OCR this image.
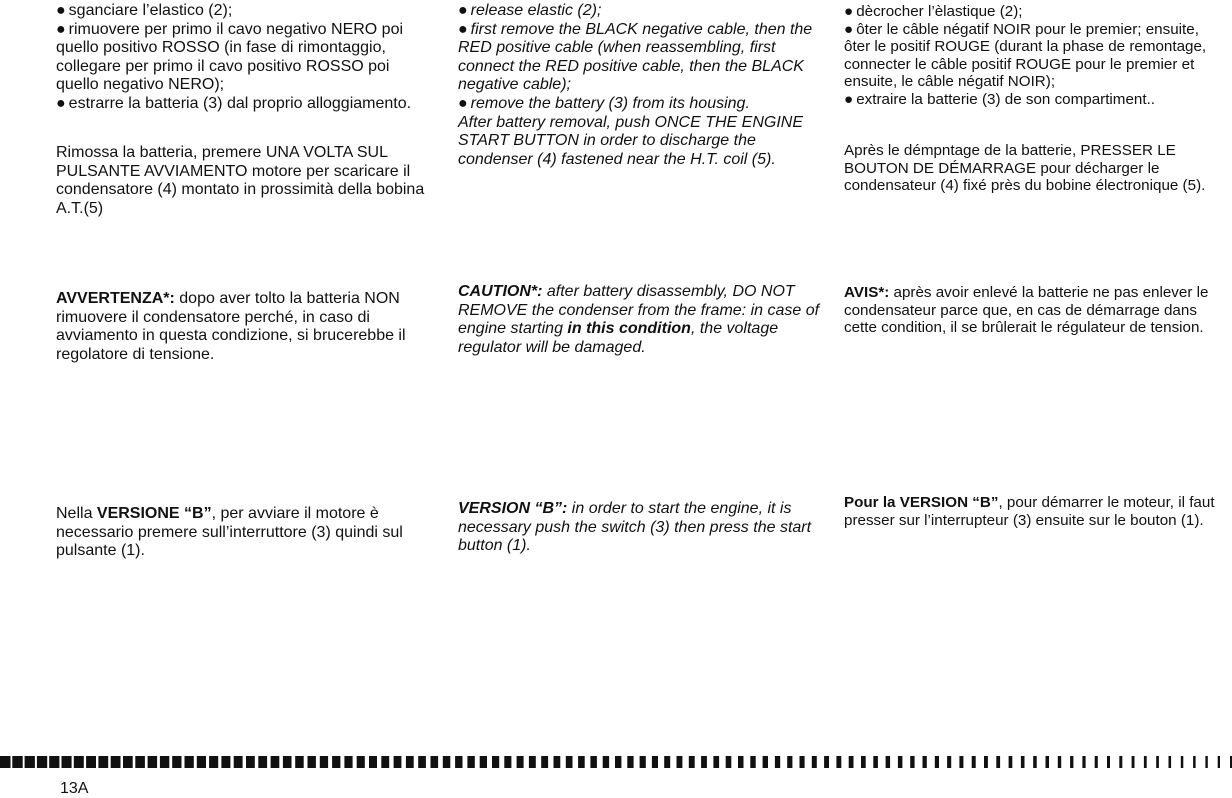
● sganciare l’elastico (2);
● rimuovere per primo il cavo negativo NERO poi quello positivo ROSSO (in fase di rimontaggio, collegare per primo il cavo positivo ROSSO poi quello negativo NERO);
● estrarre la batteria (3) dal proprio alloggiamento.
Rimossa la batteria, premere UNA VOLTA SUL PULSANTE AVVIAMENTO motore per scaricare il condensatore (4) montato in prossimità della bobina A.T.(5)
AVVERTENZA*: dopo aver tolto la batteria NON rimuovere il condensatore perché, in caso di avviamento in questa condizione, si brucerebbe il regolatore di tensione.
Nella VERSIONE “B”, per avviare il motore è necessario premere sull’interruttore (3) quindi sul pulsante (1).
● release elastic (2);
● first remove the BLACK negative cable, then the RED positive cable (when reassembling, first connect the RED positive cable, then the BLACK negative cable);
● remove the battery (3) from its housing.
After battery removal, push ONCE THE ENGINE START BUTTON in order to discharge the condenser (4) fastened near the H.T. coil (5).
CAUTION*: after battery disassembly, DO NOT REMOVE the condenser from the frame: in case of engine starting in this condition, the voltage regulator will be damaged.
VERSION “B”: in order to start the engine, it is necessary push the switch (3) then press the start button (1).
● dècrocher l’èlastique (2);
● ôter le câble négatif NOIR pour le premier; ensuite, ôter le positif ROUGE (durant la phase de remontage, connecter le câble positif ROUGE pour le premier et ensuite, le câble négatif NOIR);
● extraire la batterie (3) de son compartiment..
Après le démpntage de la batterie, PRESSER LE BOUTON DE DÉMARRAGE pour décharger le condensateur (4) fixé près du bobine électronique (5).
AVIS*: après avoir enlevé la batterie ne pas enlever le condensateur parce que, en cas de démarrage dans cette condition, il se brûlerait le régulateur de tension.
Pour la VERSION “B”, pour démarrer le moteur, il faut presser sur l’interrupteur (3) ensuite sur le bouton (1).
13A
